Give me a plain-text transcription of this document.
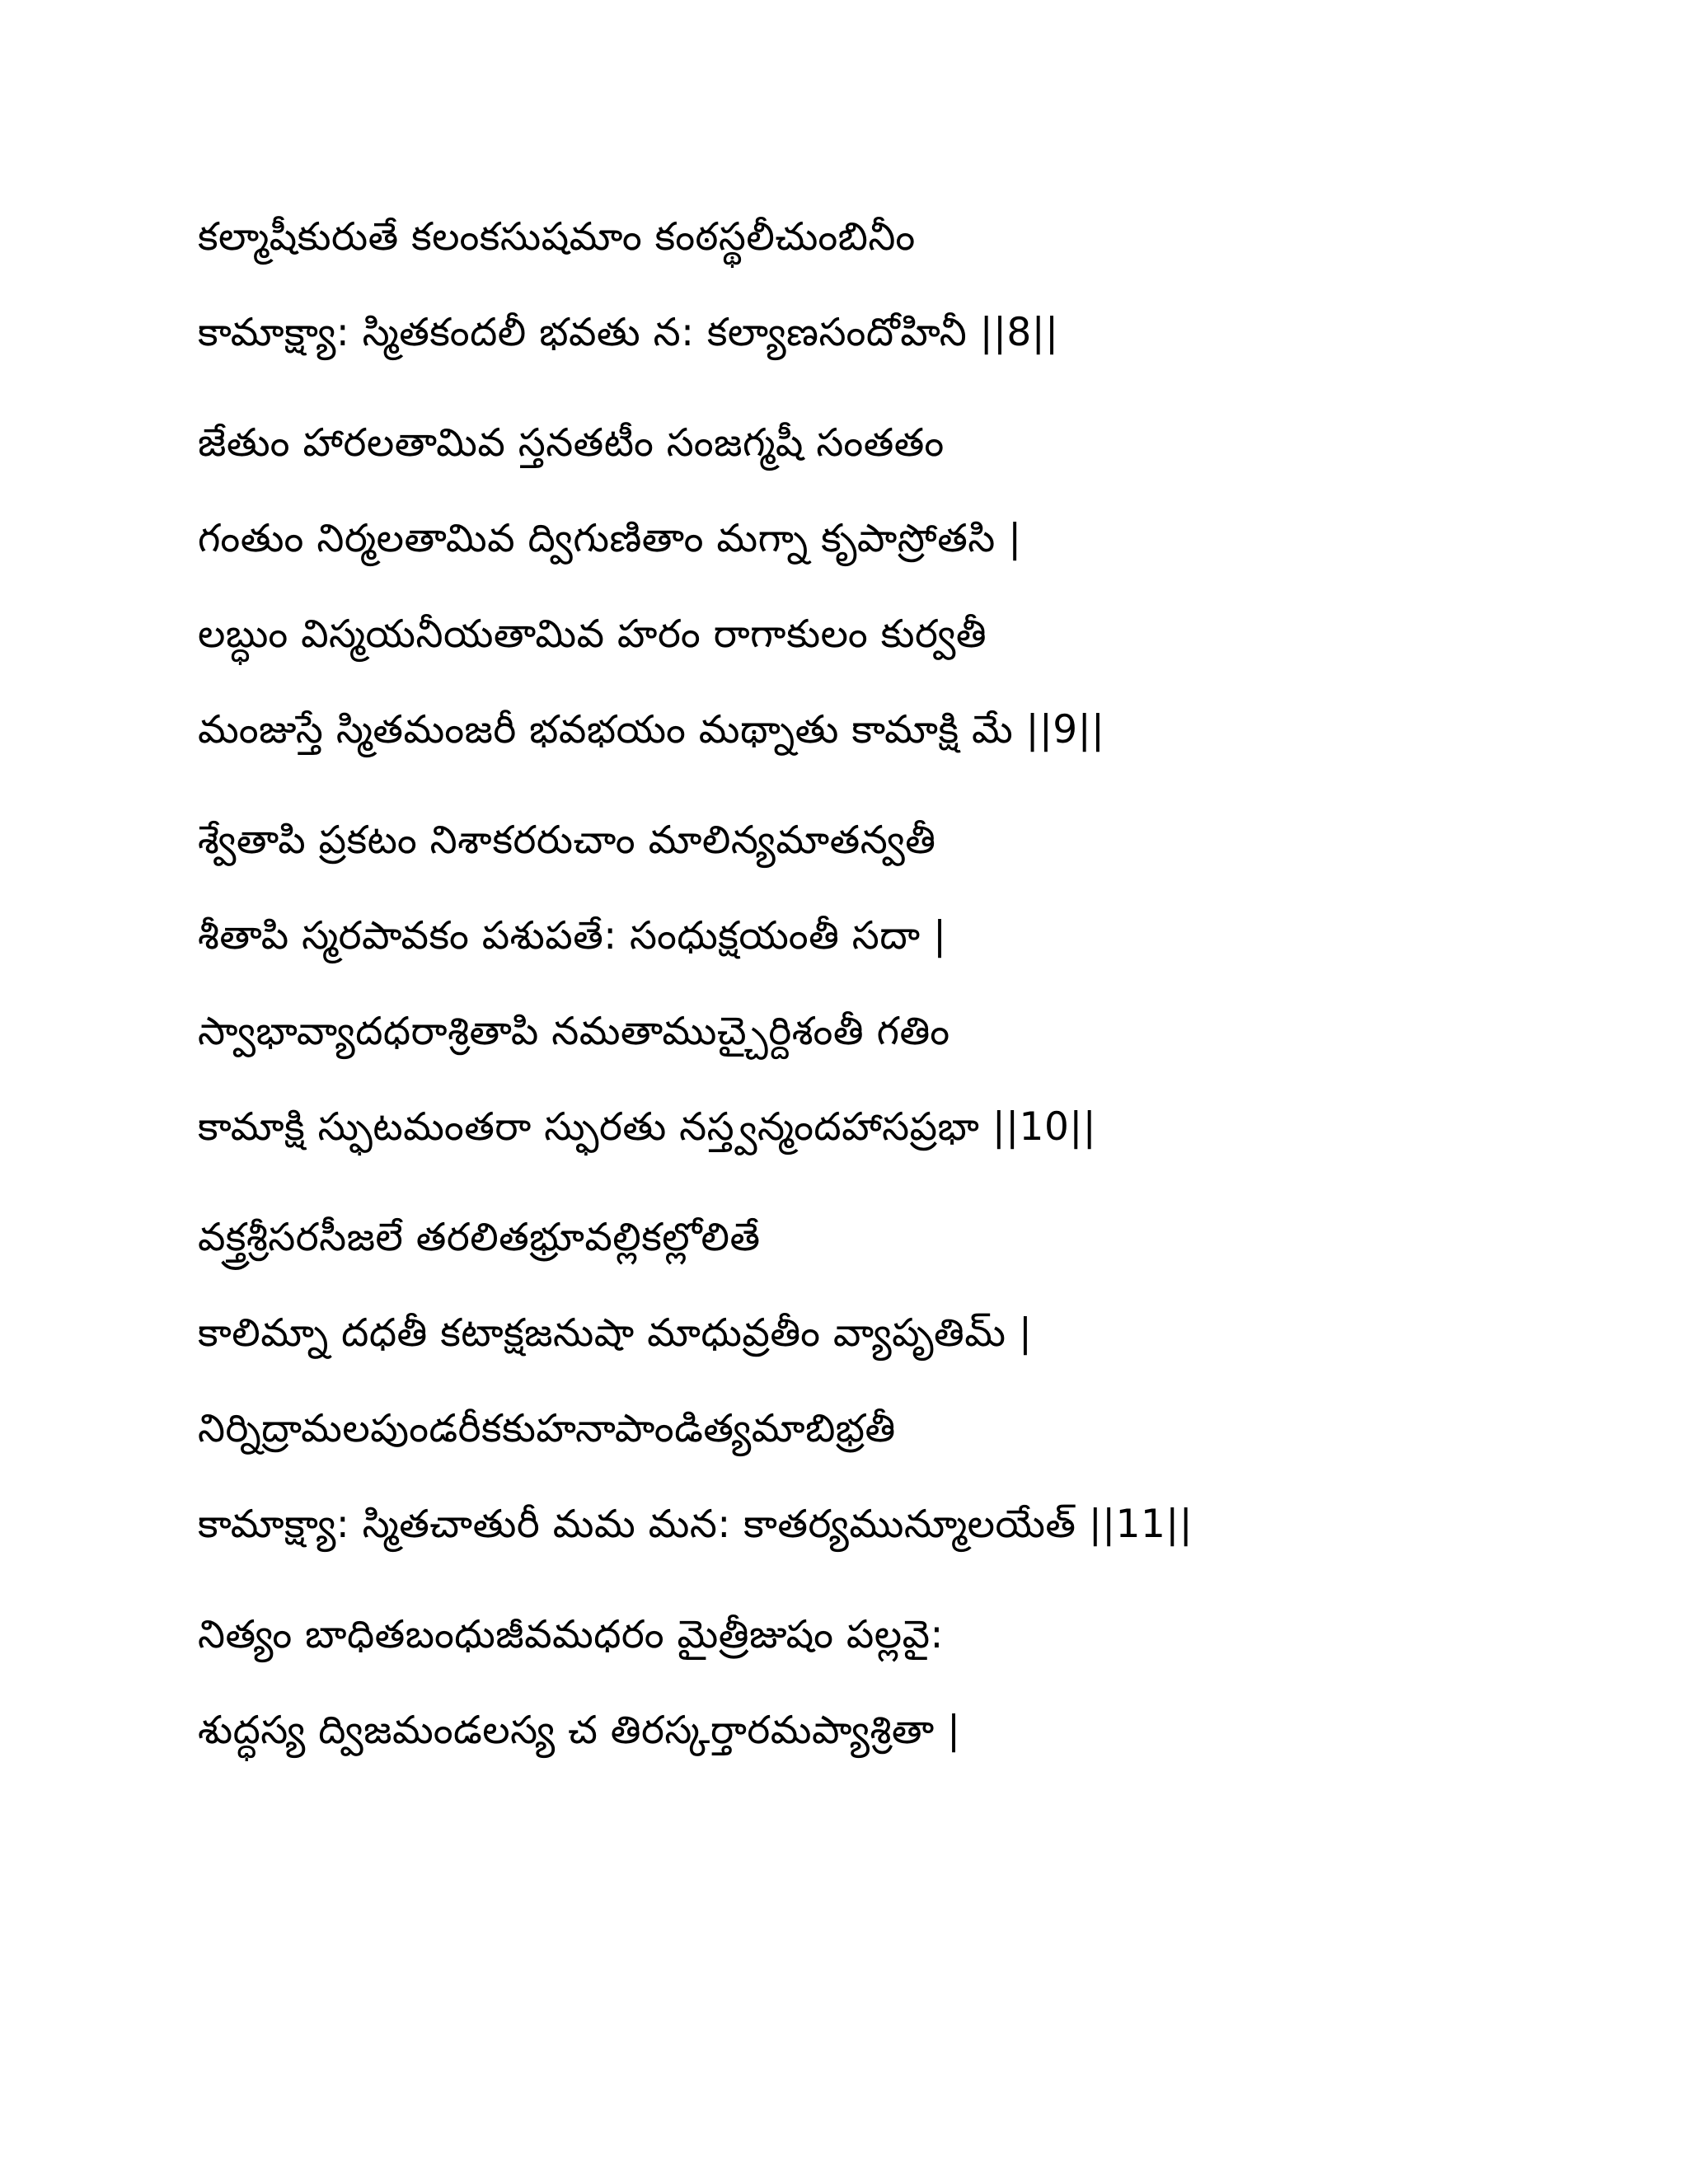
కల్మాషీకురుతే కలంకసుషమాం కంఠస్థలీచుంబినీం
కామాక్ష్యా: స్మితకందలీ భవతు న: కల్యాణసందోహినీ ||8||
జేతుం హారలతామివ స్తనతటీం సంజగ్మషీ సంతతం
గంతుం నిర్మలతామివ ద్విగుణితాం మగ్నా కృపాస్రోతసి |
లబ్ధుం విస్మయనీయతామివ హరం రాగాకులం కుర్వతీ
మంజుస్తే స్మితమంజరీ భవభయం మథ్నాతు కామాక్షి మే ||9||
శ్వేతాపి ప్రకటం నిశాకరరుచాం మాలిన్యమాతన్వతీ
శీతాపి స్మరపావకం పశుపతే: సంధుక్షయంతీ సదా |
స్వాభావ్యాదధరాశ్రితాపి నమతాముచ్చైర్దిశంతీ గతిం
కామాక్షి స్ఫుటమంతరా స్ఫురతు నస్త్వన్మందహాసప్రభా ||10||
వక్త్రశ్రీసరసీజలే తరలితభ్రూవల్లికల్లోలితే
కాలిమ్నా దధతీ కటాక్షజనుషా మాధువ్రతీం వ్యాపృతిమ్ |
నిర్నిద్రామలపుండరీకకుహనాపాండిత్యమాబిభ్రతీ
కామాక్ష్యా: స్మితచాతురీ మమ మన: కాతర్యమున్మూలయేత్ ||11||
నిత్యం బాధితబంధుజీవమధరం మైత్రీజుషం పల్లవై:
శుద్ధస్య ద్విజమండలస్య చ తిరస్కర్తారమప్యాశ్రితా |
